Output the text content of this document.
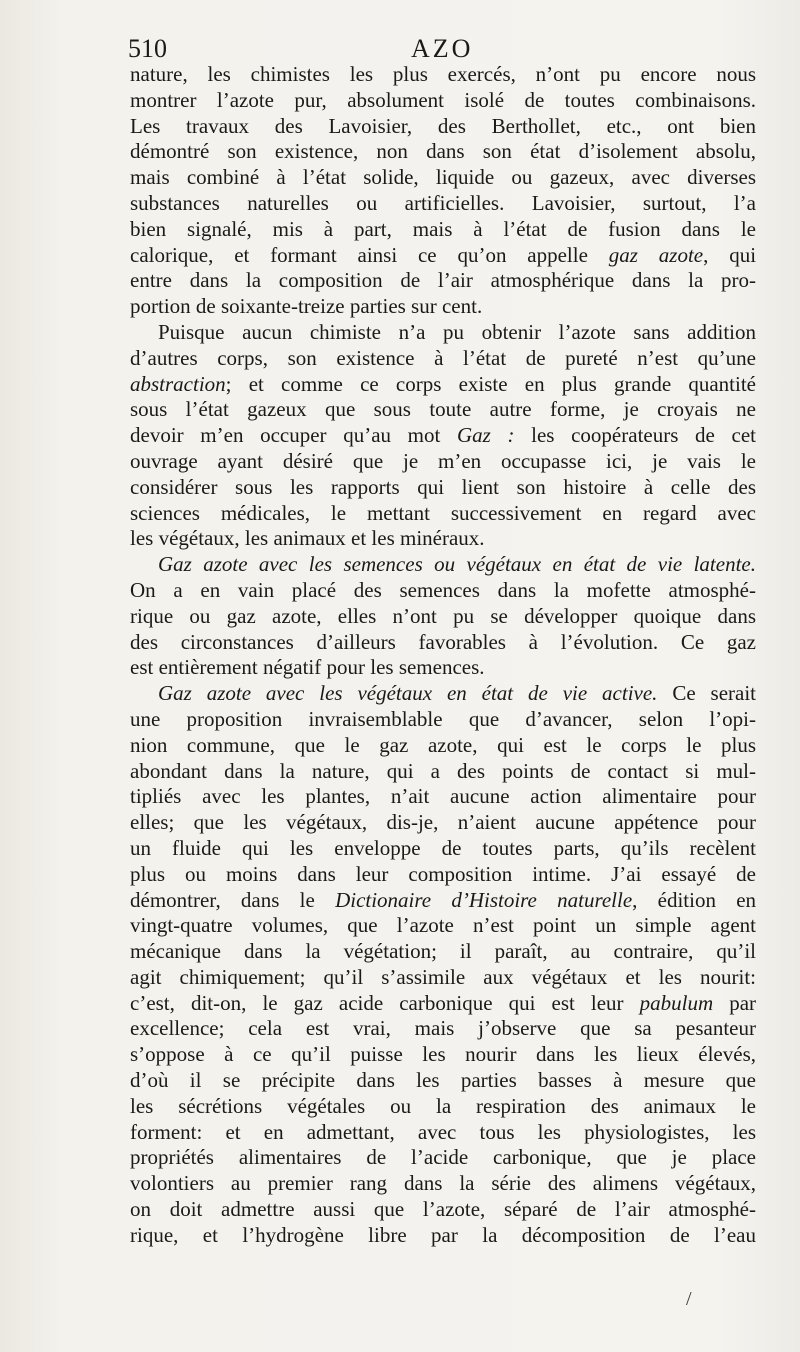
510	AZO
nature, les chimistes les plus exercés, n’ont pu encore nous
montrer l’azote pur, absolument isolé de toutes combinaisons.
Les travaux des Lavoisier, des Berthollet, etc., ont bien
démontré son existence, non dans son état d’isolement absolu,
mais combiné à l’état solide, liquide ou gazeux, avec diverses
substances naturelles ou artificielles. Lavoisier, surtout, l’a
bien signalé, mis à part, mais à l’état de fusion dans le
calorique, et formant ainsi ce qu’on appelle gaz azote, qui
entre dans la composition de l’air atmosphérique dans la pro-
portion de soixante-treize parties sur cent.
Puisque aucun chimiste n’a pu obtenir l’azote sans addition
d’autres corps, son existence à l’état de pureté n’est qu’une
abstraction; et comme ce corps existe en plus grande quantité
sous l’état gazeux que sous toute autre forme, je croyais ne
devoir m’en occuper qu’au mot Gaz : les coopérateurs de cet
ouvrage ayant désiré que je m’en occupasse ici, je vais le
considérer sous les rapports qui lient son histoire à celle des
sciences médicales, le mettant successivement en regard avec
les végétaux, les animaux et les minéraux.
Gaz azote avec les semences ou végétaux en état de vie latente.
On a en vain placé des semences dans la mofette atmosphé-
rique ou gaz azote, elles n’ont pu se développer quoique dans
des circonstances d’ailleurs favorables à l’évolution. Ce gaz
est entièrement négatif pour les semences.
Gaz azote avec les végétaux en état de vie active. Ce serait
une proposition invraisemblable que d’avancer, selon l’opi-
nion commune, que le gaz azote, qui est le corps le plus
abondant dans la nature, qui a des points de contact si mul-
tipliés avec les plantes, n’ait aucune action alimentaire pour
elles; que les végétaux, dis-je, n’aient aucune appétence pour
un fluide qui les enveloppe de toutes parts, qu’ils recèlent
plus ou moins dans leur composition intime. J’ai essayé de
démontrer, dans le Dictionaire d’Histoire naturelle, édition en
vingt-quatre volumes, que l’azote n’est point un simple agent
mécanique dans la végétation; il paraît, au contraire, qu’il
agit chimiquement; qu’il s’assimile aux végétaux et les nourit:
c’est, dit-on, le gaz acide carbonique qui est leur pabulum par
excellence; cela est vrai, mais j’observe que sa pesanteur
s’oppose à ce qu’il puisse les nourir dans les lieux élevés,
d’où il se précipite dans les parties basses à mesure que
les sécrétions végétales ou la respiration des animaux le
forment: et en admettant, avec tous les physiologistes, les
propriétés alimentaires de l’acide carbonique, que je place
volontiers au premier rang dans la série des alimens végétaux,
on doit admettre aussi que l’azote, séparé de l’air atmosphé-
rique, et l’hydrogène libre par la décomposition de l’eau
/
